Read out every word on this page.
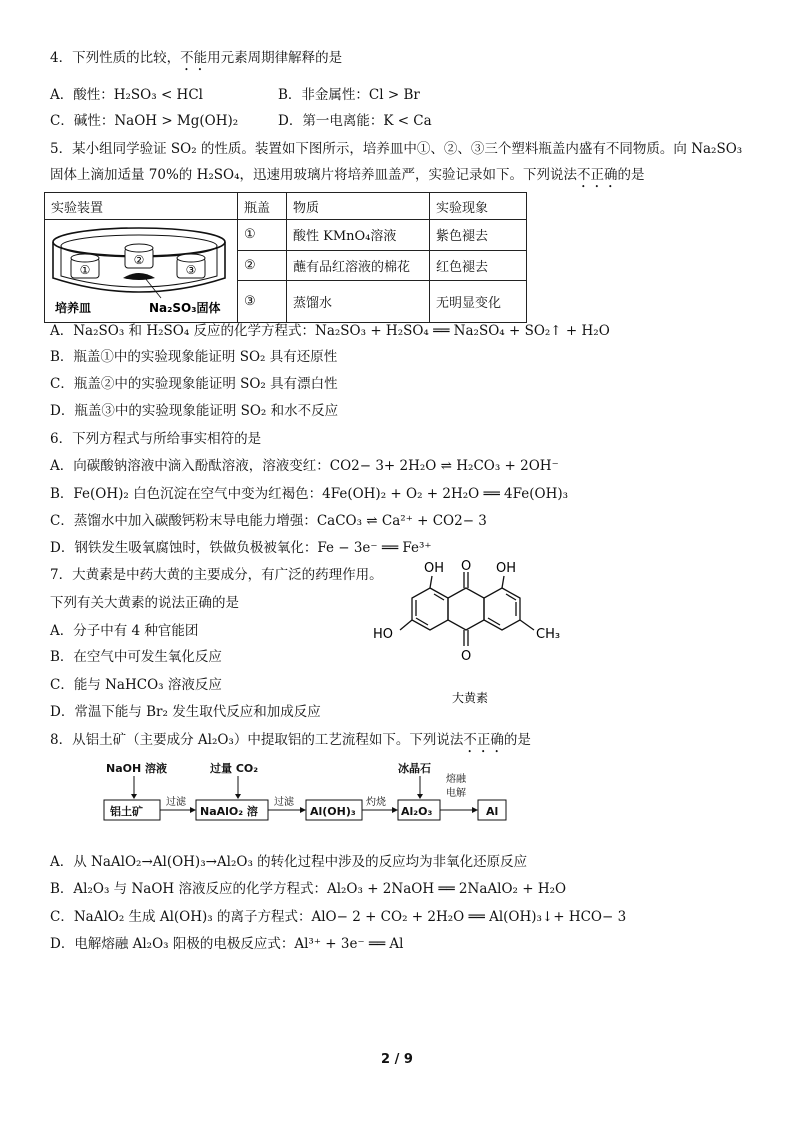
4．下列性质的比较，不能用元素周期律解释的是
A．酸性：H₂SO₃ < HCl	B．非金属性：Cl > Br
C．碱性：NaOH > Mg(OH)₂	D．第一电离能：K < Ca
5．某小组同学验证 SO₂ 的性质。装置如下图所示，培养皿中①、②、③三个塑料瓶盖内盛有不同物质。向 Na₂SO₃
固体上滴加适量 70%的 H₂SO₄，迅速用玻璃片将培养皿盖严，实验记录如下。下列说法不正确的是
实验装置	瓶盖	物质	实验现象

①
②
③
培养皿 Na₂SO₃固体	①	酸性 KMnO₄溶液	紫色褪去
	②	蘸有品红溶液的棉花	红色褪去
	③	蒸馏水	无明显变化
A．Na₂SO₃ 和 H₂SO₄ 反应的化学方程式：Na₂SO₃ + H₂SO₄ ══ Na₂SO₄ + SO₂↑ + H₂O
B．瓶盖①中的实验现象能证明 SO₂ 具有还原性
C．瓶盖②中的实验现象能证明 SO₂ 具有漂白性
D．瓶盖③中的实验现象能证明 SO₂ 和水不反应
6．下列方程式与所给事实相符的是
A．向碳酸钠溶液中滴入酚酞溶液，溶液变红：CO2− 3+ 2H₂O ⇌ H₂CO₃ + 2OH⁻
B．Fe(OH)₂ 白色沉淀在空气中变为红褐色：4Fe(OH)₂ + O₂ + 2H₂O ══ 4Fe(OH)₃
C．蒸馏水中加入碳酸钙粉末导电能力增强：CaCO₃ ⇌ Ca²⁺ + CO2− 3
D．钢铁发生吸氧腐蚀时，铁做负极被氧化：Fe − 3e⁻ ══ Fe³⁺
7．大黄素是中药大黄的主要成分，有广泛的药理作用。
下列有关大黄素的说法正确的是
A．分子中有 4 种官能团
B．在空气中可发生氧化反应
C．能与 NaHCO₃ 溶液反应
D．常温下能与 Br₂ 发生取代反应和加成反应
OH	OH
O
O
HO	CH₃
大黄素
8．从铝土矿（主要成分 Al₂O₃）中提取铝的工艺流程如下。下列说法不正确的是
NaOH 溶液	过量 CO₂	冰晶石
过滤	过滤	灼烧
熔融
电解
铝土矿	NaAlO₂ 溶	Al(OH)₃	Al₂O₃	Al
A．从 NaAlO₂→Al(OH)₃→Al₂O₃ 的转化过程中涉及的反应均为非氧化还原反应
B．Al₂O₃ 与 NaOH 溶液反应的化学方程式：Al₂O₃ + 2NaOH ══ 2NaAlO₂ + H₂O
C．NaAlO₂ 生成 Al(OH)₃ 的离子方程式：AlO− 2 + CO₂ + 2H₂O ══ Al(OH)₃↓+ HCO− 3
D．电解熔融 Al₂O₃ 阳极的电极反应式：Al³⁺ + 3e⁻ ══ Al
2 / 9
